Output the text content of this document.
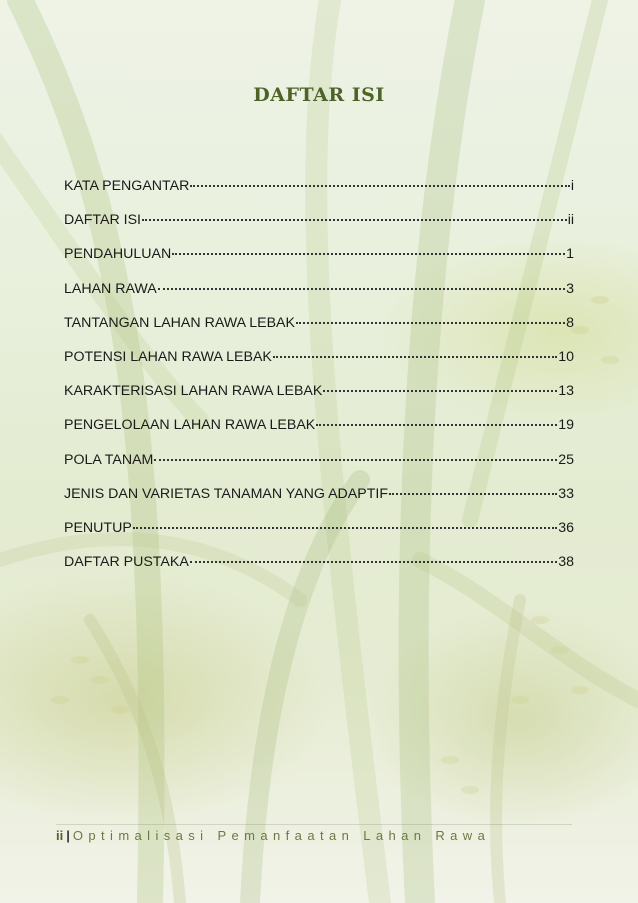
DAFTAR ISI
KATA PENGANTAR	i
DAFTAR ISI	ii
PENDAHULUAN	1
LAHAN RAWA	3
TANTANGAN LAHAN RAWA LEBAK	8
POTENSI LAHAN RAWA LEBAK	10
KARAKTERISASI LAHAN RAWA LEBAK	13
PENGELOLAAN LAHAN RAWA LEBAK	19
POLA TANAM	25
JENIS DAN VARIETAS TANAMAN YANG ADAPTIF	33
PENUTUP	36
DAFTAR PUSTAKA	38
ii | Optimalisasi Pemanfaatan Lahan Rawa
